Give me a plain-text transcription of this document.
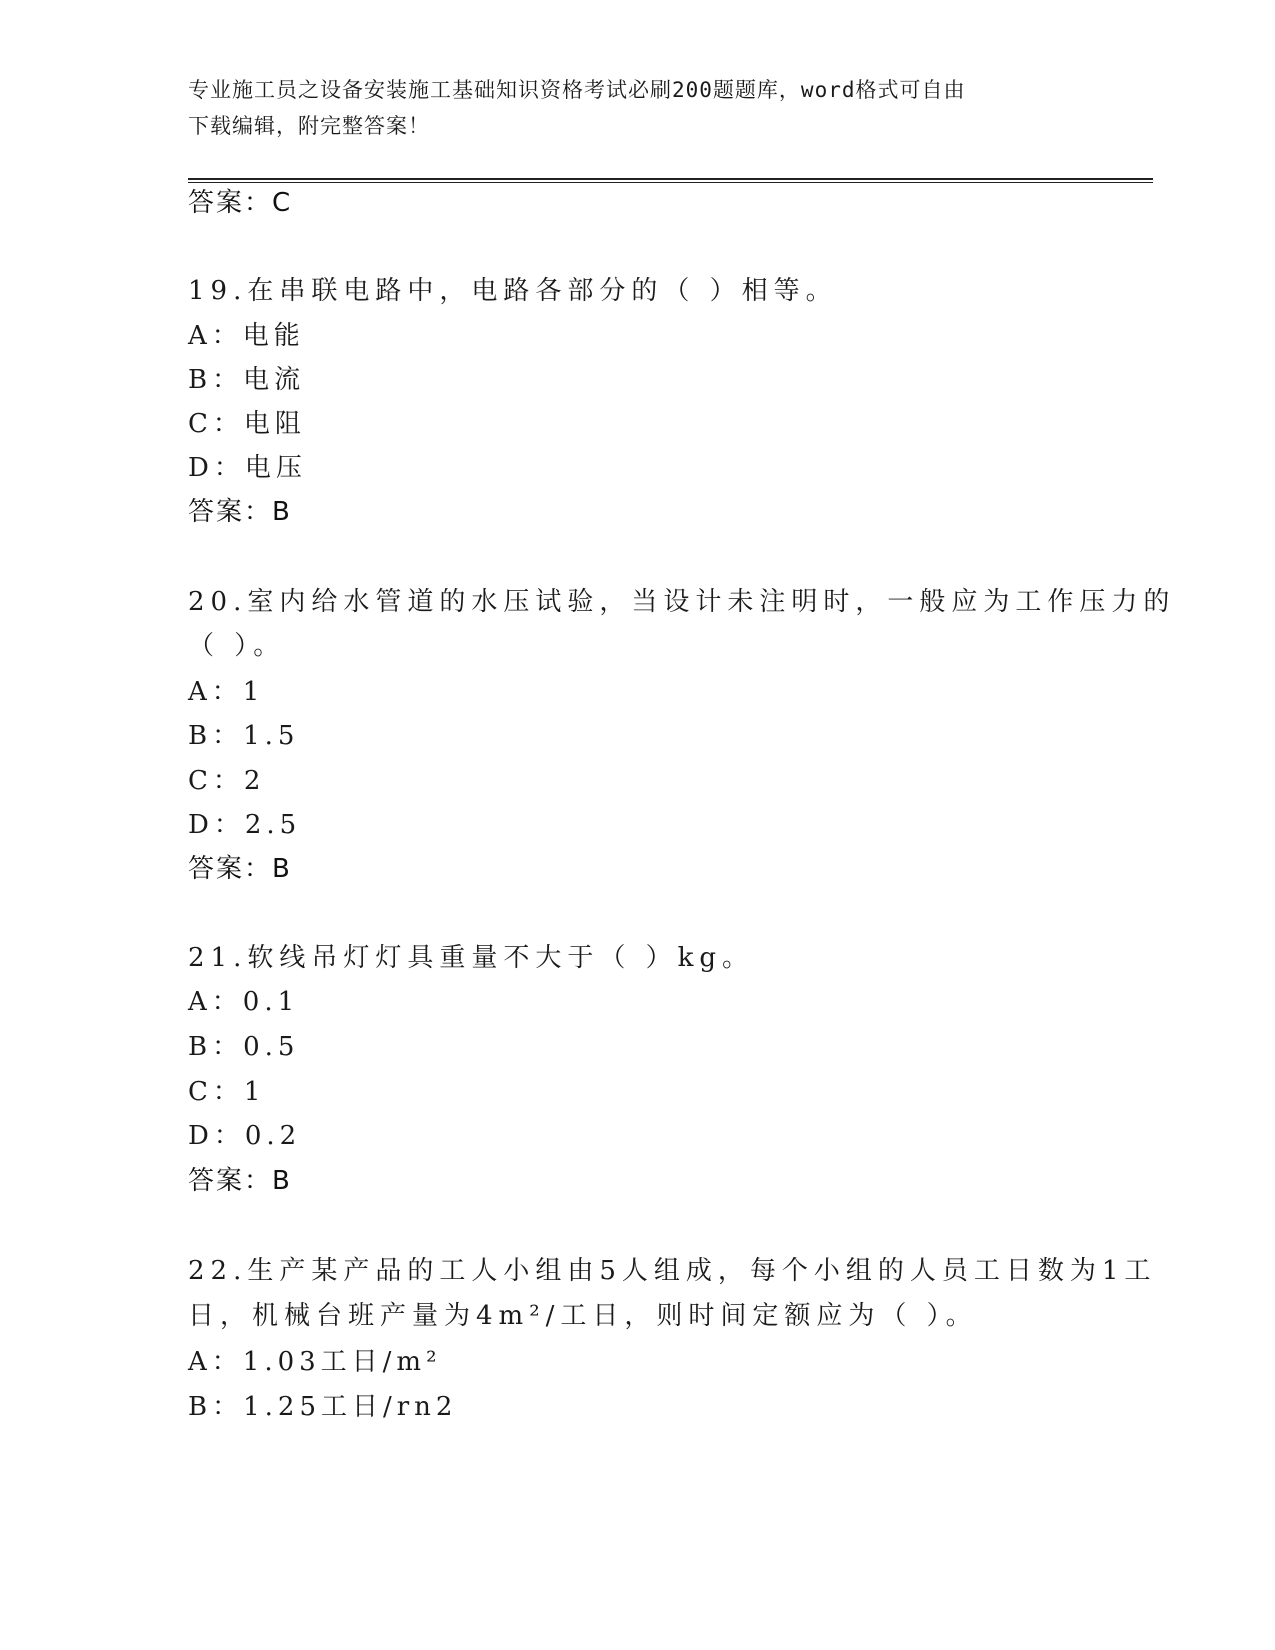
专业施工员之设备安装施工基础知识资格考试必刷200题题库，word格式可自由
下载编辑，附完整答案！
答案：C
19.在串联电路中，电路各部分的（ ）相等。
A：电能
B：电流
C：电阻
D：电压
答案：B
20.室内给水管道的水压试验，当设计未注明时，一般应为工作压力的
（ ）。
A：1
B：1.5
C：2
D：2.5
答案：B
21.软线吊灯灯具重量不大于（ ）kg。
A：0.1
B：0.5
C：1
D：0.2
答案：B
22.生产某产品的工人小组由5人组成，每个小组的人员工日数为1工
日，机械台班产量为4m²/工日，则时间定额应为（ ）。
A：1.03工日/m²
B：1.25工日/rn2
